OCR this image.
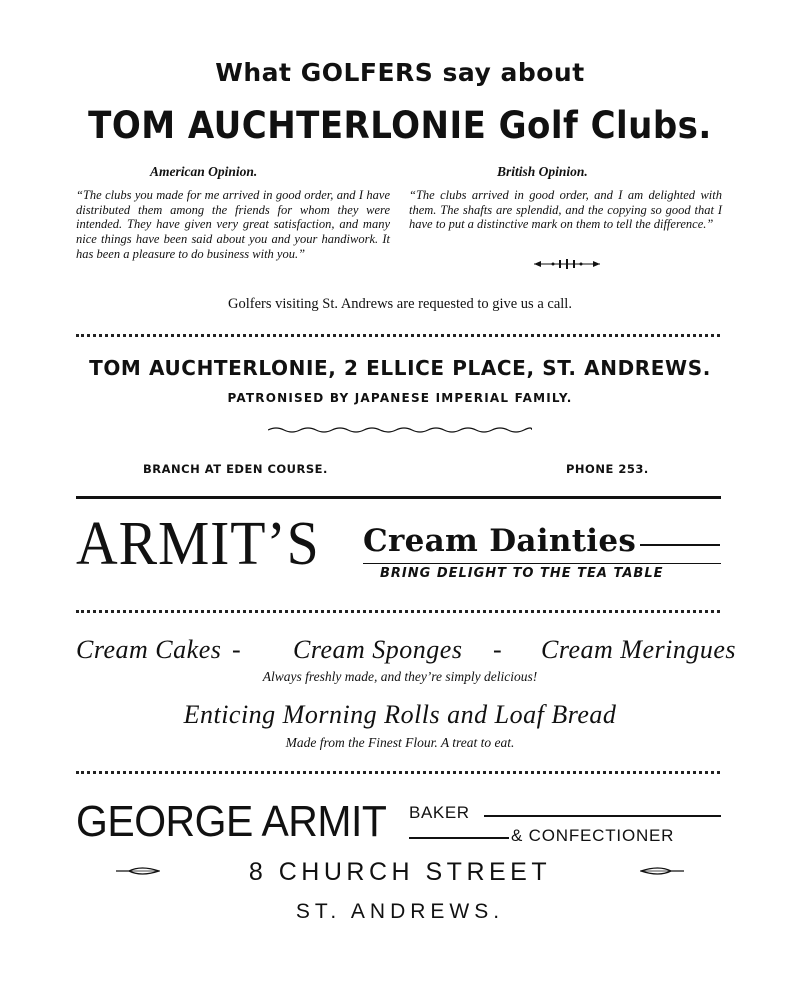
What GOLFERS say about
TOM AUCHTERLONIE Golf Clubs.
American Opinion.	British Opinion.
“The clubs you made for me arrived in good order, and I have distributed them among the friends for whom they were intended. They have given very great satisfaction, and many nice things have been said about you and your handiwork. It has been a pleasure to do business with you.”
“The clubs arrived in good order, and I am delighted with them. The shafts are splendid, and the copying so good that I have to put a distinctive mark on them to tell the difference.”
Golfers visiting St. Andrews are requested to give us a call.
TOM AUCHTERLONIE, 2 ELLICE PLACE, ST. ANDREWS.
PATRONISED BY JAPANESE IMPERIAL FAMILY.
BRANCH AT EDEN COURSE.	PHONE 253.
ARMIT’S Cream Dainties
BRING DELIGHT TO THE TEA TABLE
Cream Cakes - Cream Sponges - Cream Meringues
Always freshly made, and they’re simply delicious!
Enticing Morning Rolls and Loaf Bread
Made from the Finest Flour. A treat to eat.
GEORGE ARMIT BAKER
& CONFECTIONER
8 CHURCH STREET
ST. ANDREWS.
